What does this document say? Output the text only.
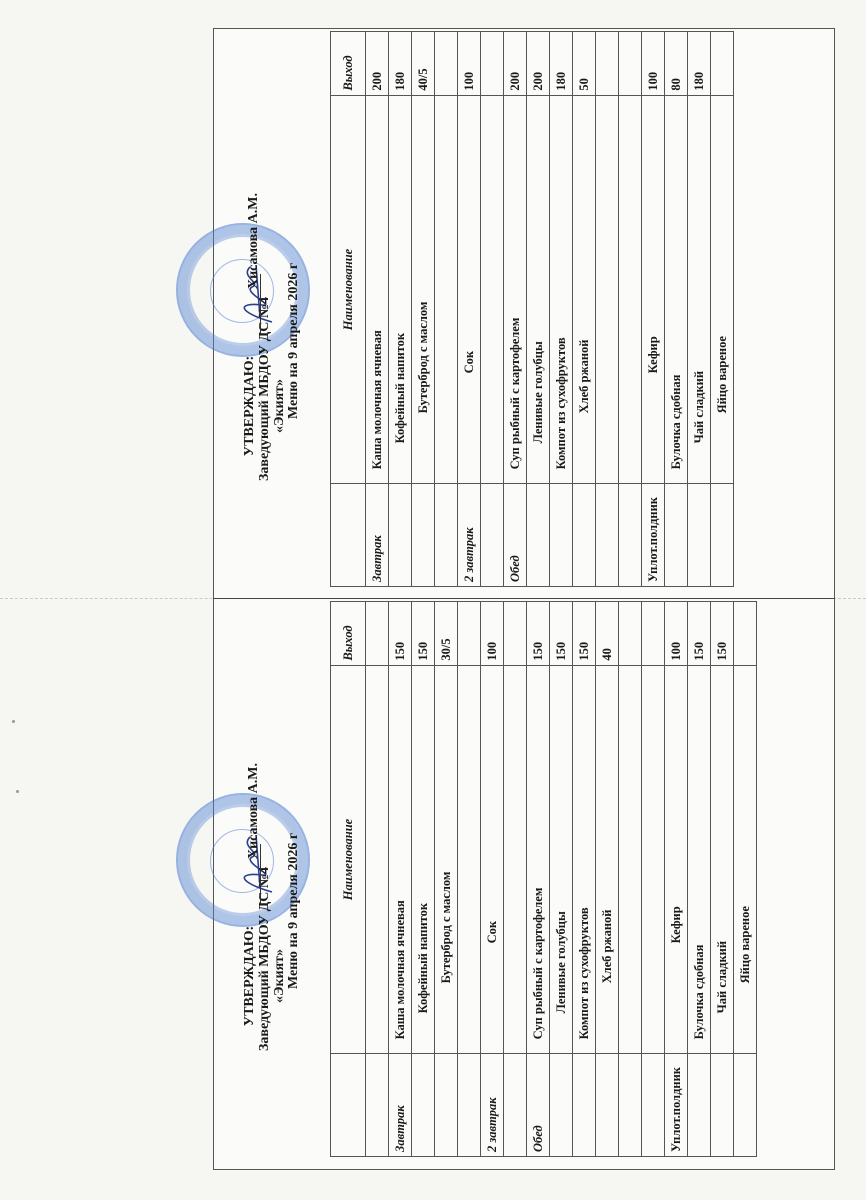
УТВЕРЖДАЮ: Заведующий МБДОУ ДС №4 «Экият»
Хисамова А.М.
Меню на 9 апреля 2026 г
		Наименование	Выход
Завтрак	Каша молочная ячневая	200
	Кофейный напиток	180
	Бутерброд с маслом	40/5

2 завтрак	Сок	100

Обед	Суп рыбный с картофелем	200
	Ленивые голубцы	200
	Компот из сухофруктов	180
	Хлеб ржаной	50

Уплот.полдник	Кефир	100
	Булочка сдобная	80
	Чай сладкий	180
	Яйцо вареное	
УТВЕРЖДАЮ: Заведующий МБДОУ ДС №4 «Экият»
Хисамова А.М.
Меню на 9 апреля 2026 г
		Наименование	Выход

Завтрак	Каша молочная ячневая	150
	Кофейный напиток	150
	Бутерброд с маслом	30/5

2 завтрак	Сок	100

Обед	Суп рыбный с картофелем	150
	Ленивые голубцы	150
	Компот из сухофруктов	150
	Хлеб ржаной	40

Уплот.полдник	Кефир	100
	Булочка сдобная	150
	Чай сладкий	150
	Яйцо вареное	
